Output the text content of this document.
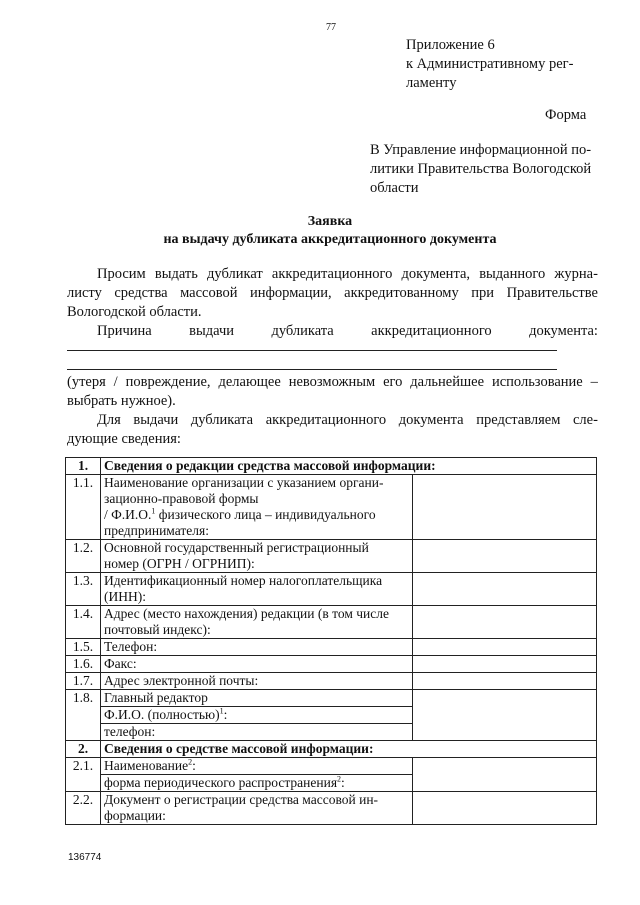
77
Приложение 6
к Административному рег-
ламенту
Форма
В Управление информационной по-
литики Правительства Вологодской
области
Заявка
на выдачу дубликата аккредитационного документа
Просим выдать дубликат аккредитационного документа, выданного журна-
листу средства массовой информации, аккредитованному при Правительстве
Вологодской области.
Причина	выдачи	дубликата	аккредитационного	документа:
(утеря / повреждение, делающее невозможным его дальнейшее использование –
выбрать нужное).
Для выдачи дубликата аккредитационного документа представляем сле-
дующие сведения:
1.	Сведения о редакции средства массовой информации:	
1.1.	Наименование организации с указанием органи-
зационно-правовой формы
/ Ф.И.О.$^1$ физического лица – индивидуального
предпринимателя:	

1.2.	Основной государственный регистрационный
номер (ОГРН / ОГРНИП):	

1.3.	Идентификационный номер налогоплательщика
(ИНН):	

1.4.	Адрес (место нахождения) редакции (в том числе
почтовый индекс):	

1.5.	Телефон:	
1.6.	Факс:	
1.7.	Адрес электронной почты:	
1.8.	Главный редактор
Ф.И.О. (полностью)$^1$:
телефон:	

2.	Сведения о средстве массовой информации:	
2.1.	Наименование$^2$:
форма периодического распространения$^2$:	

2.2.	Документ о регистрации средства массовой ин-
формации:	

136774
